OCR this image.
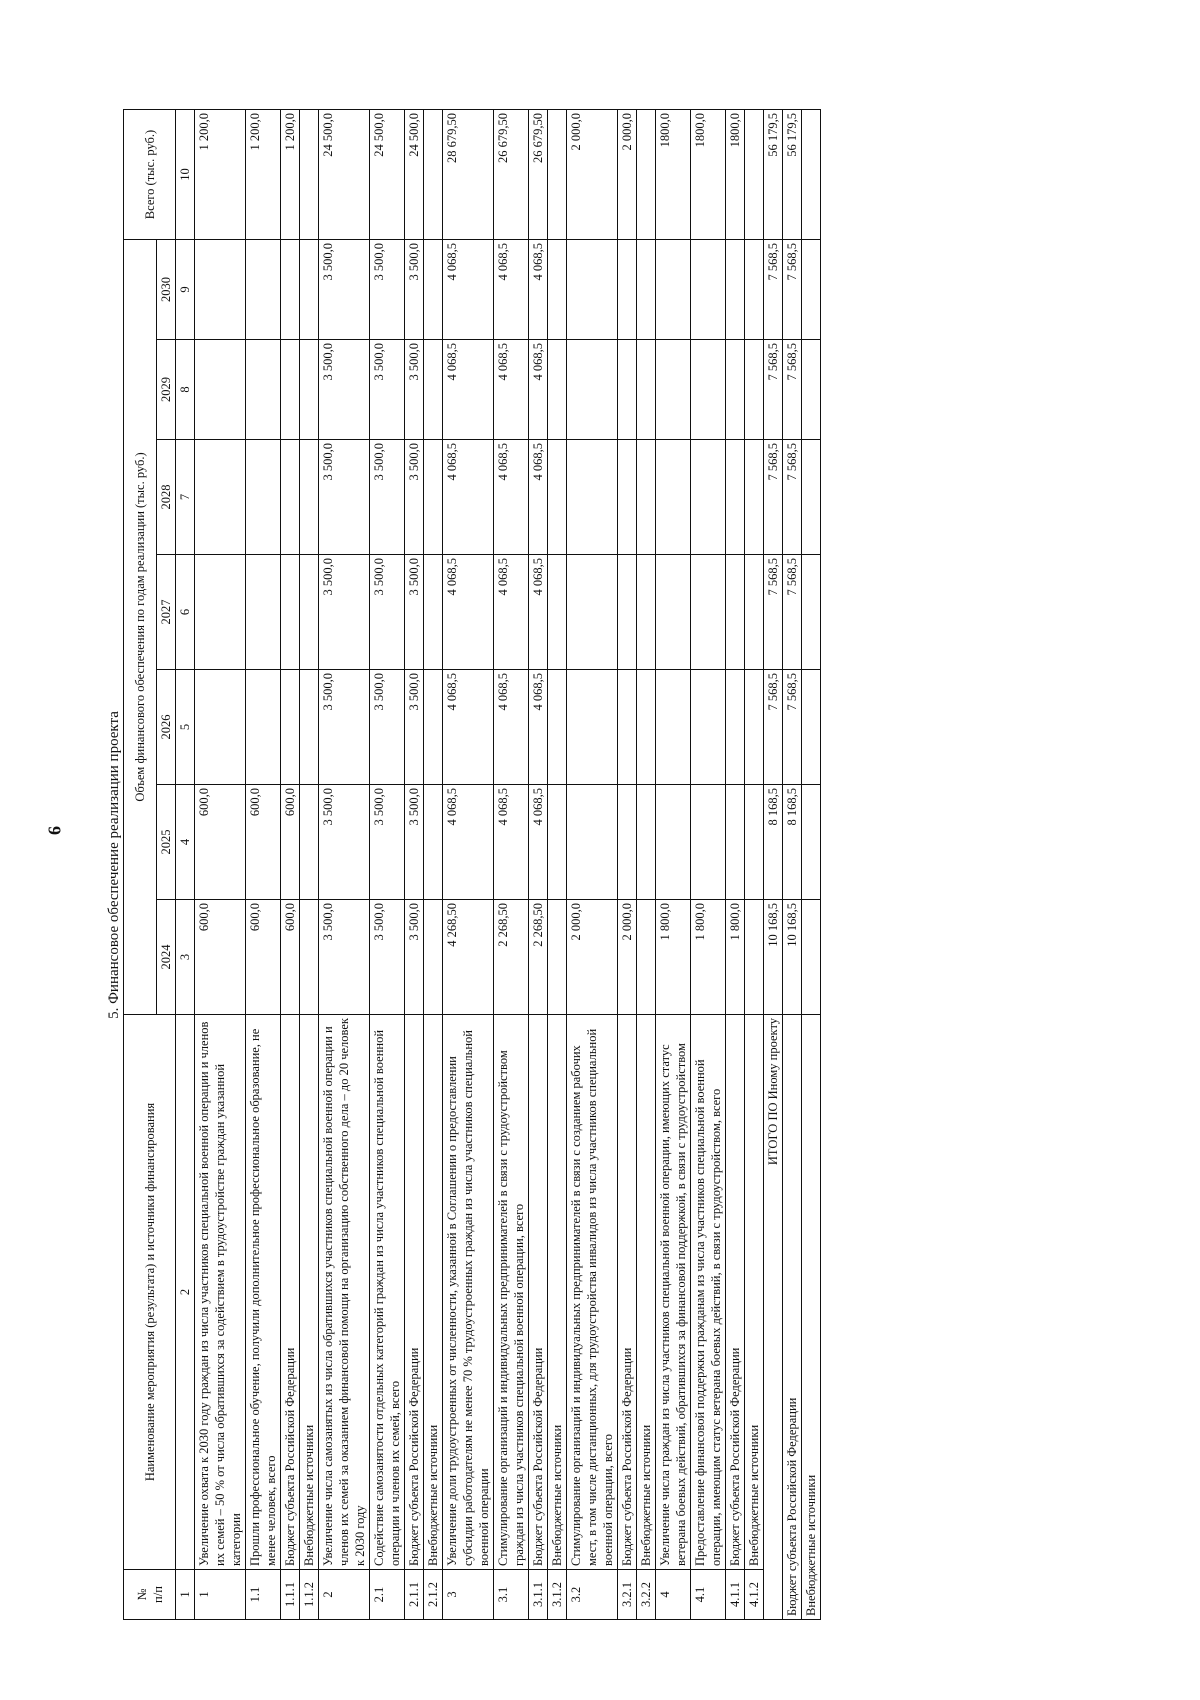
6	5. Финансовое обеспечение реализации проекта
№
п/п	Наименование мероприятия (результата) и источники финансирования	Объем финансового обеспечения по годам реализации (тыс. руб.)							Всего (тыс. руб.)
		2024	2025	2026	2027	2028	2029	2030	
1	2	3	4	5	6	7	8	9	10
1	Увеличение охвата к 2030 году граждан из числа участников специальной военной операции и членов их семей – 50 % от числа обратившихся за содействием в трудоустройстве граждан указанной категории	600,0	600,0						1 200,0
1.1	Прошли профессиональное обучение, получили дополнительное профессиональное образование, не менее человек, всего	600,0	600,0						1 200,0
1.1.1	Бюджет субъекта Российской Федерации	600,0	600,0						1 200,0
1.1.2	Внебюджетные источники								
2	Увеличение числа самозанятых из числа обратившихся участников специальной военной операции и членов их семей за оказанием финансовой помощи на организацию собственного дела – до 20 человек к 2030 году	3 500,0	3 500,0	3 500,0	3 500,0	3 500,0	3 500,0	3 500,0	24 500,0
2.1	Содействие самозанятости отдельных категорий граждан из числа участников специальной военной операции и членов их семей, всего	3 500,0	3 500,0	3 500,0	3 500,0	3 500,0	3 500,0	3 500,0	24 500,0
2.1.1	Бюджет субъекта Российской Федерации	3 500,0	3 500,0	3 500,0	3 500,0	3 500,0	3 500,0	3 500,0	24 500,0
2.1.2	Внебюджетные источники								
3	Увеличение доли трудоустроенных от численности, указанной в Соглашении о предоставлении субсидии работодателям не менее 70 % трудоустроенных граждан из числа участников специальной военной операции	4 268,50	4 068,5	4 068,5	4 068,5	4 068,5	4 068,5	4 068,5	28 679,50
3.1	Стимулирование организаций и индивидуальных предпринимателей в связи с трудоустройством граждан из числа участников специальной военной операции, всего	2 268,50	4 068,5	4 068,5	4 068,5	4 068,5	4 068,5	4 068,5	26 679,50
3.1.1	Бюджет субъекта Российской Федерации	2 268,50	4 068,5	4 068,5	4 068,5	4 068,5	4 068,5	4 068,5	26 679,50
3.1.2	Внебюджетные источники								
3.2	Стимулирование организаций и индивидуальных предпринимателей в связи с созданием рабочих мест, в том числе дистанционных, для трудоустройства инвалидов из числа участников специальной военной операции, всего	2 000,0							2 000,0
3.2.1	Бюджет субъекта Российской Федерации	2 000,0							2 000,0
3.2.2	Внебюджетные источники								
4	Увеличение числа граждан из числа участников специальной военной операции, имеющих статус ветерана боевых действий, обратившихся за финансовой поддержкой, в связи с трудоустройством	1 800,0							1800,0
4.1	Предоставление финансовой поддержки гражданам из числа участников специальной военной операции, имеющим статус ветерана боевых действий, в связи с трудоустройством, всего	1 800,0							1800,0
4.1.1	Бюджет субъекта Российской Федерации	1 800,0							1800,0
4.1.2	Внебюджетные источники								
ИТОГО ПО Иному проекту		10 168,5	8 168,5	7 568,5	7 568,5	7 568,5	7 568,5	7 568,5	56 179,5
Бюджет субъекта Российской Федерации		10 168,5	8 168,5	7 568,5	7 568,5	7 568,5	7 568,5	7 568,5	56 179,5
Внебюджетные источники									
